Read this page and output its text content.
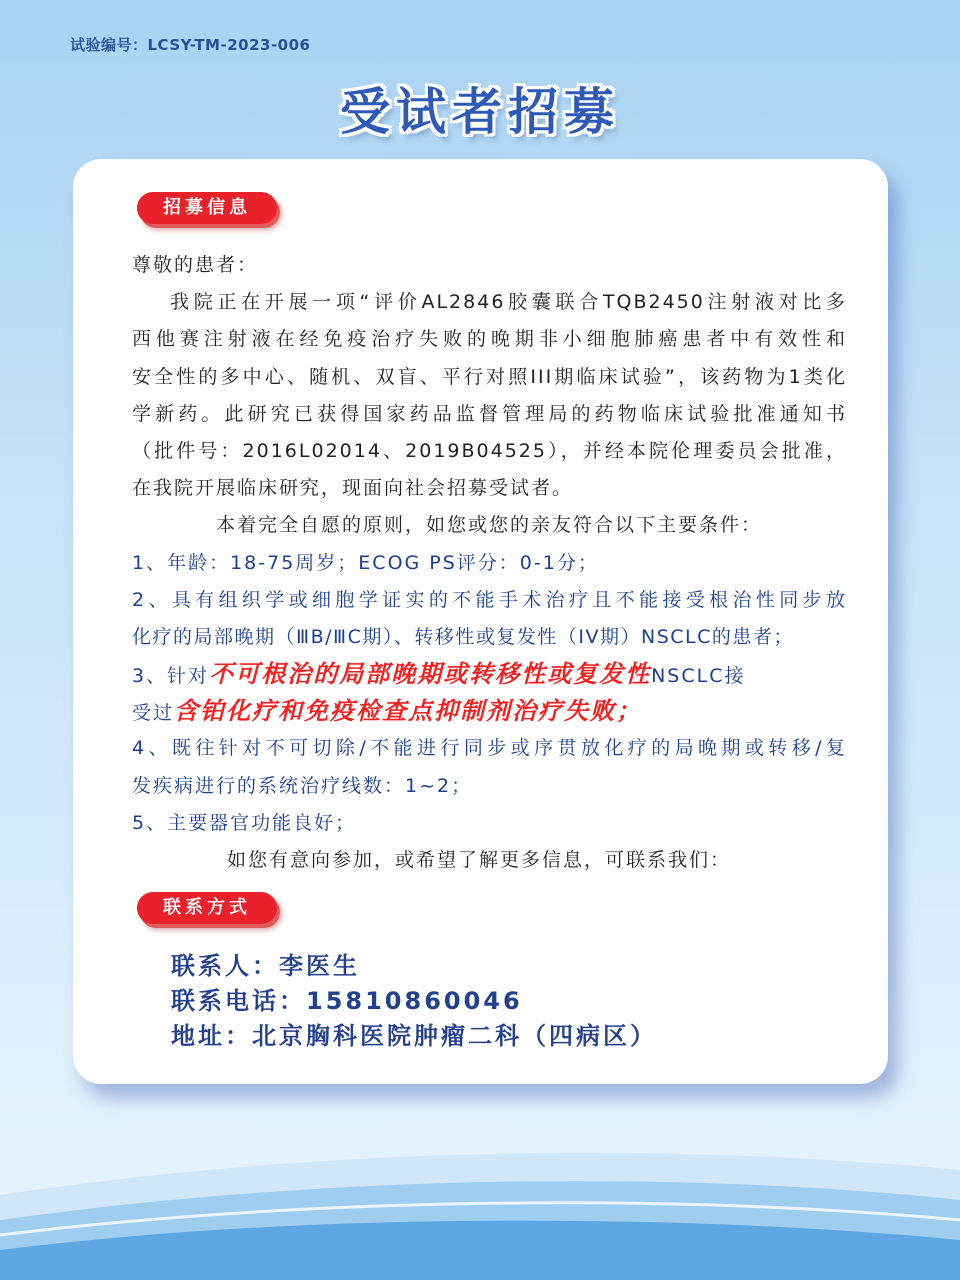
试验编号：LCSY-TM-2023-006
受试者招募
招募信息
尊敬的患者：
我院正在开展一项“评价AL2846胶囊联合TQB2450注射液对比多
西他赛注射液在经免疫治疗失败的晚期非小细胞肺癌患者中有效性和
安全性的多中心、随机、双盲、平行对照III期临床试验”，该药物为1类化
学新药。此研究已获得国家药品监督管理局的药物临床试验批准通知书
（批件号：2016L02014、2019B04525），并经本院伦理委员会批准，
在我院开展临床研究，现面向社会招募受试者。
本着完全自愿的原则，如您或您的亲友符合以下主要条件：
1、年龄：18-75周岁；ECOG PS评分：0-1分；
2、具有组织学或细胞学证实的不能手术治疗且不能接受根治性同步放
化疗的局部晚期（ⅢB/ⅢC期）、转移性或复发性（IV期）NSCLC的患者；
3、针对不可根治的局部晚期或转移性或复发性NSCLC接
受过含铂化疗和免疫检查点抑制剂治疗失败；
4、既往针对不可切除/不能进行同步或序贯放化疗的局晚期或转移/复
发疾病进行的系统治疗线数：1~2；
5、主要器官功能良好；
如您有意向参加，或希望了解更多信息，可联系我们：
联系方式
联系人：李医生
联系电话：15810860046
地址：北京胸科医院肿瘤二科（四病区）
